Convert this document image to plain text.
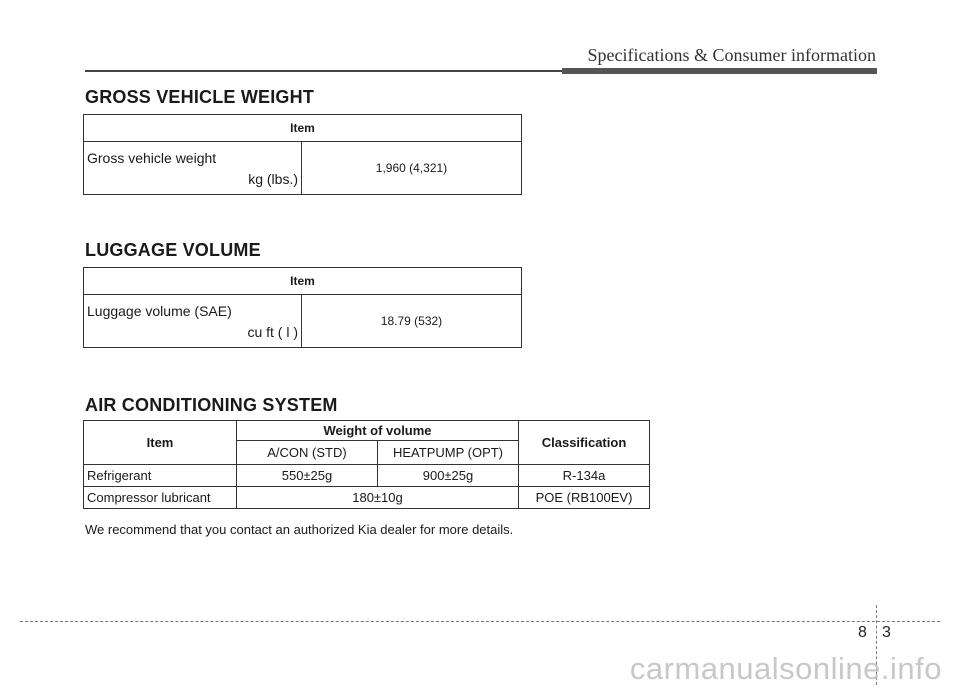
Specifications & Consumer information
GROSS VEHICLE WEIGHT
Item

Gross vehicle weight
kg (lbs.)
	1,960 (4,321)
LUGGAGE VOLUME
Item

Luggage volume (SAE)
cu ft ( l )
	18.79 (532)
AIR CONDITIONING SYSTEM
Item	Weight of volume		Classification
	A/CON (STD)	HEATPUMP (OPT)	
Refrigerant	550±25g	900±25g	R-134a
Compressor lubricant	180±10g		POE (RB100EV)
We recommend that you contact an authorized Kia dealer for more details.
8 3
carmanualsonline.info
